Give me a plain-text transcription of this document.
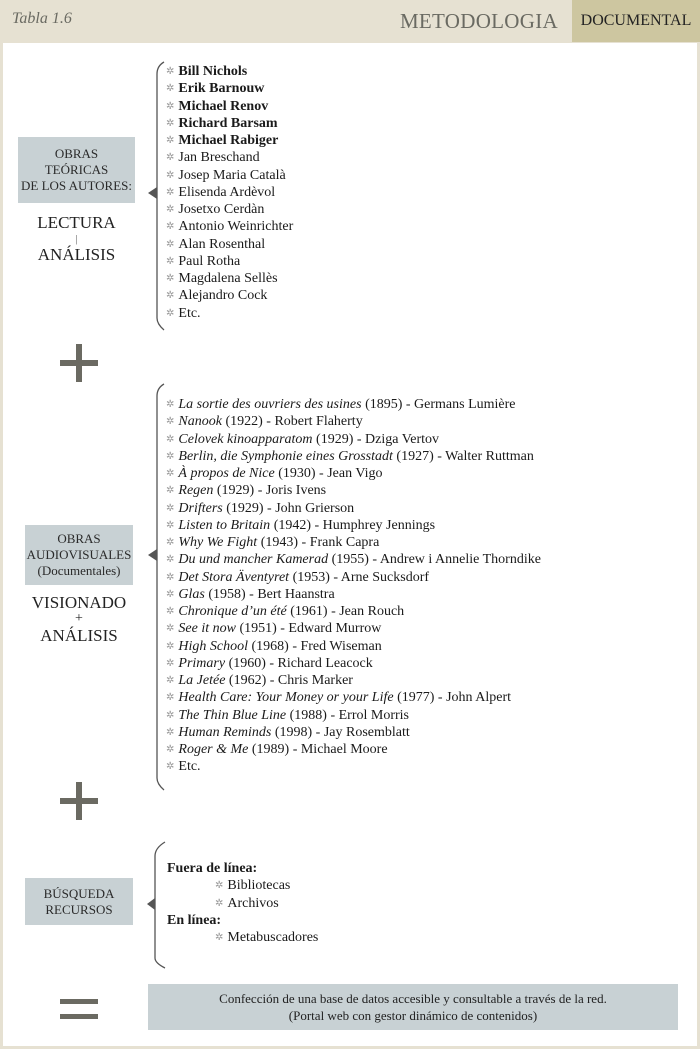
Tabla 1.6	METODOLOGIA	DOCUMENTAL
OBRAS
TEÓRICAS
DE LOS AUTORES:
LECTURA
|
ANÁLISIS
✲ Bill Nichols
✲ Erik Barnouw
✲ Michael Renov
✲ Richard Barsam
✲ Michael Rabiger
✲ Jan Breschand
✲ Josep Maria Català
✲ Elisenda Ardèvol
✲ Josetxo Cerdàn
✲ Antonio Weinrichter
✲ Alan Rosenthal
✲ Paul Rotha
✲ Magdalena Sellès
✲ Alejandro Cock
✲ Etc.
OBRAS
AUDIOVISUALES
(Documentales)
VISIONADO
+
ANÁLISIS
✲ La sortie des ouvriers des usines (1895) - Germans Lumière
✲ Nanook (1922) - Robert Flaherty
✲ Celovek kinoapparatom (1929) - Dziga Vertov
✲ Berlin, die Symphonie eines Grosstadt (1927) - Walter Ruttman
✲ À propos de Nice (1930) - Jean Vigo
✲ Regen (1929) - Joris Ivens
✲ Drifters (1929) - John Grierson
✲ Listen to Britain (1942) - Humphrey Jennings
✲ Why We Fight (1943) - Frank Capra
✲ Du und mancher Kamerad (1955) - Andrew i Annelie Thorndike
✲ Det Stora Äventyret (1953) - Arne Sucksdorf
✲ Glas (1958) - Bert Haanstra
✲ Chronique d’un été (1961) - Jean Rouch
✲ See it now (1951) - Edward Murrow
✲ High School (1968) - Fred Wiseman
✲ Primary (1960) - Richard Leacock
✲ La Jetée (1962) - Chris Marker
✲ Health Care: Your Money or your Life (1977) - John Alpert
✲ The Thin Blue Line (1988) - Errol Morris
✲ Human Reminds (1998) - Jay Rosemblatt
✲ Roger & Me (1989) - Michael Moore
✲ Etc.
BÚSQUEDA
RECURSOS
Fuera de línea:
✲ Bibliotecas
✲ Archivos
En línea:
✲ Metabuscadores
Confección de una base de datos accesible y consultable a través de la red.
(Portal web con gestor dinámico de contenidos)
